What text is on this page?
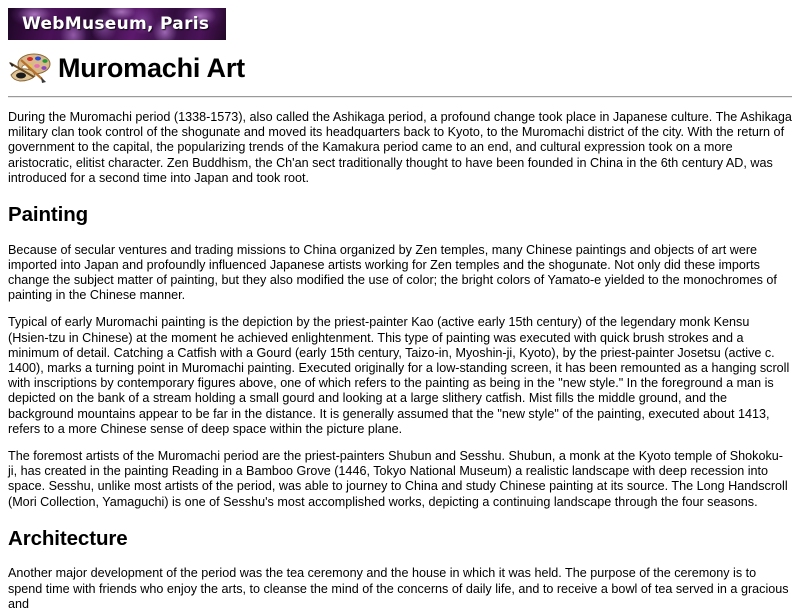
WebMuseum, Paris
Muromachi Art

During the Muromachi period (1338-1573), also called the Ashikaga period, a profound change took place in Japanese culture. The Ashikaga military clan took control of the shogunate and moved its headquarters back to Kyoto, to the Muromachi district of the city. With the return of government to the capital, the popularizing trends of the Kamakura period came to an end, and cultural expression took on a more aristocratic, elitist character. Zen Buddhism, the Ch'an sect traditionally thought to have been founded in China in the 6th century AD, was introduced for a second time into Japan and took root.

Painting

Because of secular ventures and trading missions to China organized by Zen temples, many Chinese paintings and objects of art were imported into Japan and profoundly influenced Japanese artists working for Zen temples and the shogunate. Not only did these imports change the subject matter of painting, but they also modified the use of color; the bright colors of Yamato-e yielded to the monochromes of painting in the Chinese manner.

Typical of early Muromachi painting is the depiction by the priest-painter Kao (active early 15th century) of the legendary monk Kensu (Hsien-tzu in Chinese) at the moment he achieved enlightenment. This type of painting was executed with quick brush strokes and a minimum of detail. Catching a Catfish with a Gourd (early 15th century, Taizo-in, Myoshin-ji, Kyoto), by the priest-painter Josetsu (active c. 1400), marks a turning point in Muromachi painting. Executed originally for a low-standing screen, it has been remounted as a hanging scroll with inscriptions by contemporary figures above, one of which refers to the painting as being in the "new style." In the foreground a man is depicted on the bank of a stream holding a small gourd and looking at a large slithery catfish. Mist fills the middle ground, and the background mountains appear to be far in the distance. It is generally assumed that the "new style" of the painting, executed about 1413, refers to a more Chinese sense of deep space within the picture plane.

The foremost artists of the Muromachi period are the priest-painters Shubun and Sesshu. Shubun, a monk at the Kyoto temple of Shokoku-ji, has created in the painting Reading in a Bamboo Grove (1446, Tokyo National Museum) a realistic landscape with deep recession into space. Sesshu, unlike most artists of the period, was able to journey to China and study Chinese painting at its source. The Long Handscroll (Mori Collection, Yamaguchi) is one of Sesshu's most accomplished works, depicting a continuing landscape through the four seasons.

Architecture

Another major development of the period was the tea ceremony and the house in which it was held. The purpose of the ceremony is to spend time with friends who enjoy the arts, to cleanse the mind of the concerns of daily life, and to receive a bowl of tea served in a gracious and
